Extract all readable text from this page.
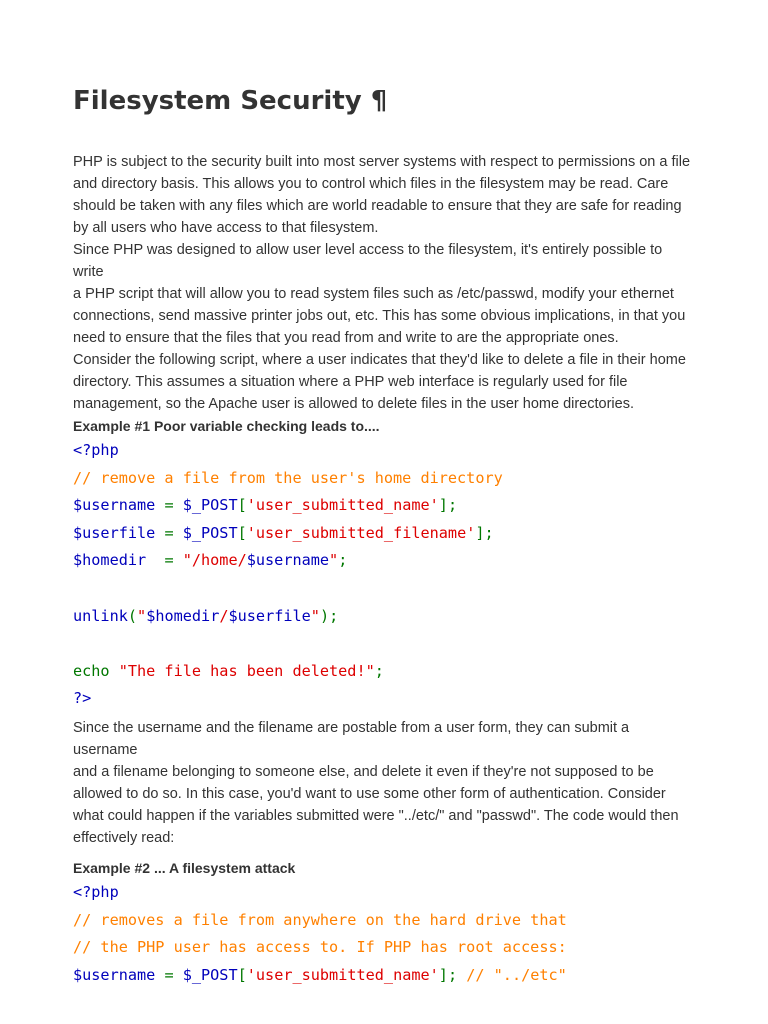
Filesystem Security ¶

PHP is subject to the security built into most server systems with respect to permissions on a file

and directory basis. This allows you to control which files in the filesystem may be read. Care

should be taken with any files which are world readable to ensure that they are safe for reading

by all users who have access to that filesystem.

Since PHP was designed to allow user level access to the filesystem, it's entirely possible to write

a PHP script that will allow you to read system files such as /etc/passwd, modify your ethernet

connections, send massive printer jobs out, etc. This has some obvious implications, in that you

need to ensure that the files that you read from and write to are the appropriate ones.

Consider the following script, where a user indicates that they'd like to delete a file in their home

directory. This assumes a situation where a PHP web interface is regularly used for file

management, so the Apache user is allowed to delete files in the user home directories.

Example #1 Poor variable checking leads to....

<?php
// remove a file from the user's home directory
$username = $_POST['user_submitted_name'];
$userfile = $_POST['user_submitted_filename'];
$homedir  = "/home/$username";

unlink("$homedir/$userfile");

echo "The file has been deleted!";
?>

Since the username and the filename are postable from a user form, they can submit a username

and a filename belonging to someone else, and delete it even if they're not supposed to be

allowed to do so. In this case, you'd want to use some other form of authentication. Consider

what could happen if the variables submitted were "../etc/" and "passwd". The code would then

effectively read:

Example #2 ... A filesystem attack

<?php
// removes a file from anywhere on the hard drive that
// the PHP user has access to. If PHP has root access:
$username = $_POST['user_submitted_name']; // "../etc"
